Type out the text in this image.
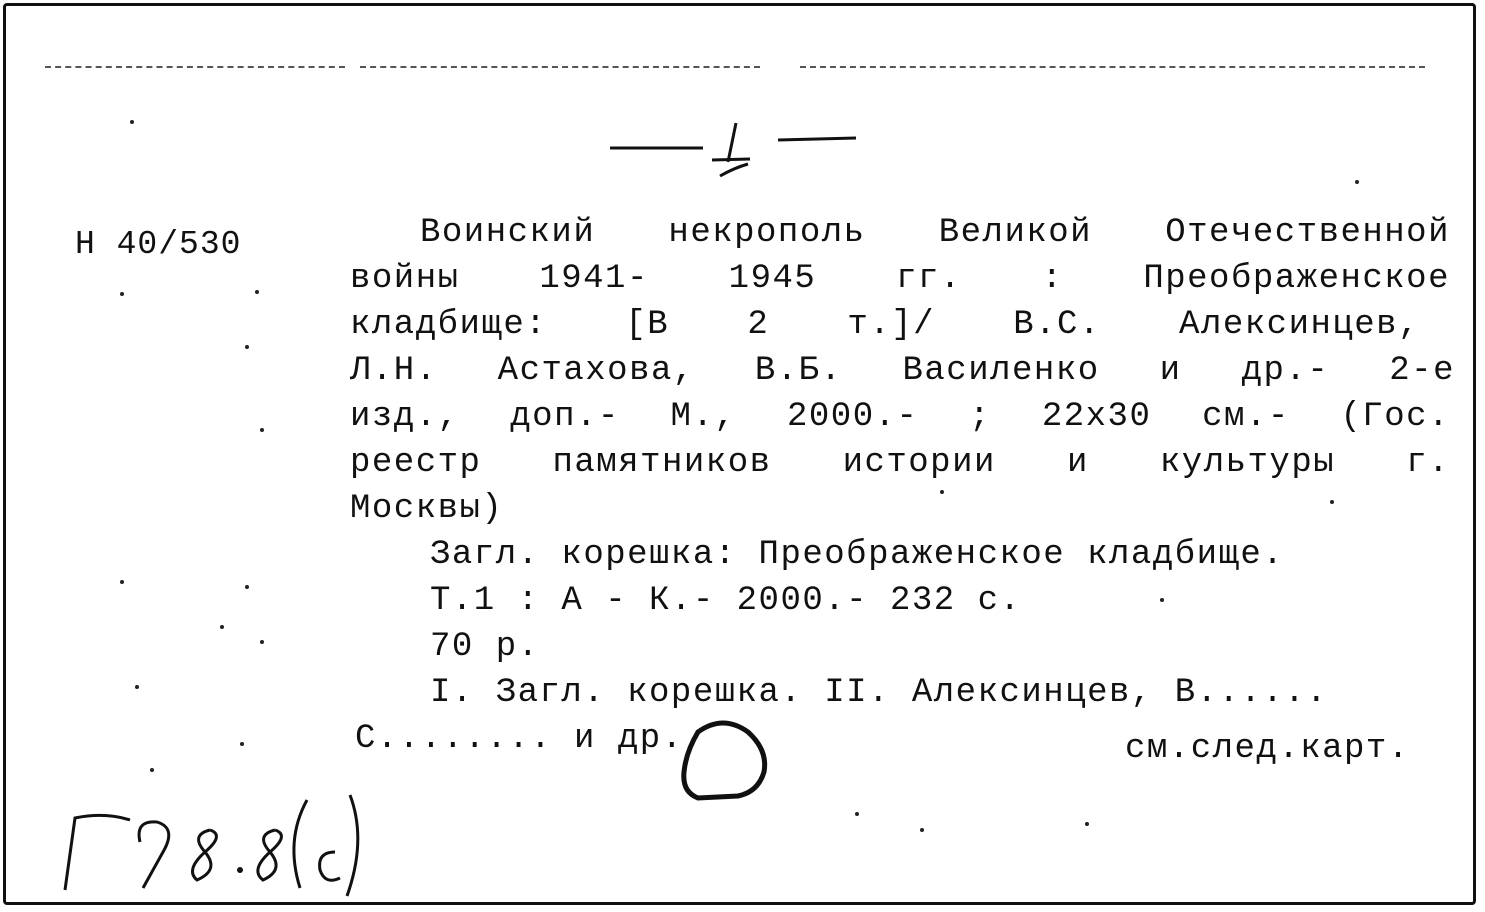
Н 40/530	Воинский некрополь Великой Отечественной
войны 1941- 1945 гг. : Преображенское
кладбище: [В 2 т.]/ В.С. Алексинцев,
Л.Н. Астахова, В.Б. Василенко и др.- 2-е
изд., доп.- М., 2000.- ; 22х30 см.- (Гос.
реестр памятников истории и культуры г.
Москвы)
Загл. корешка: Преображенское кладбище.
Т.1 : А - К.- 2000.- 232 с.
70 р.
I. Загл. корешка. II. Алексинцев, В......
С........ и др.	см.след.карт.
